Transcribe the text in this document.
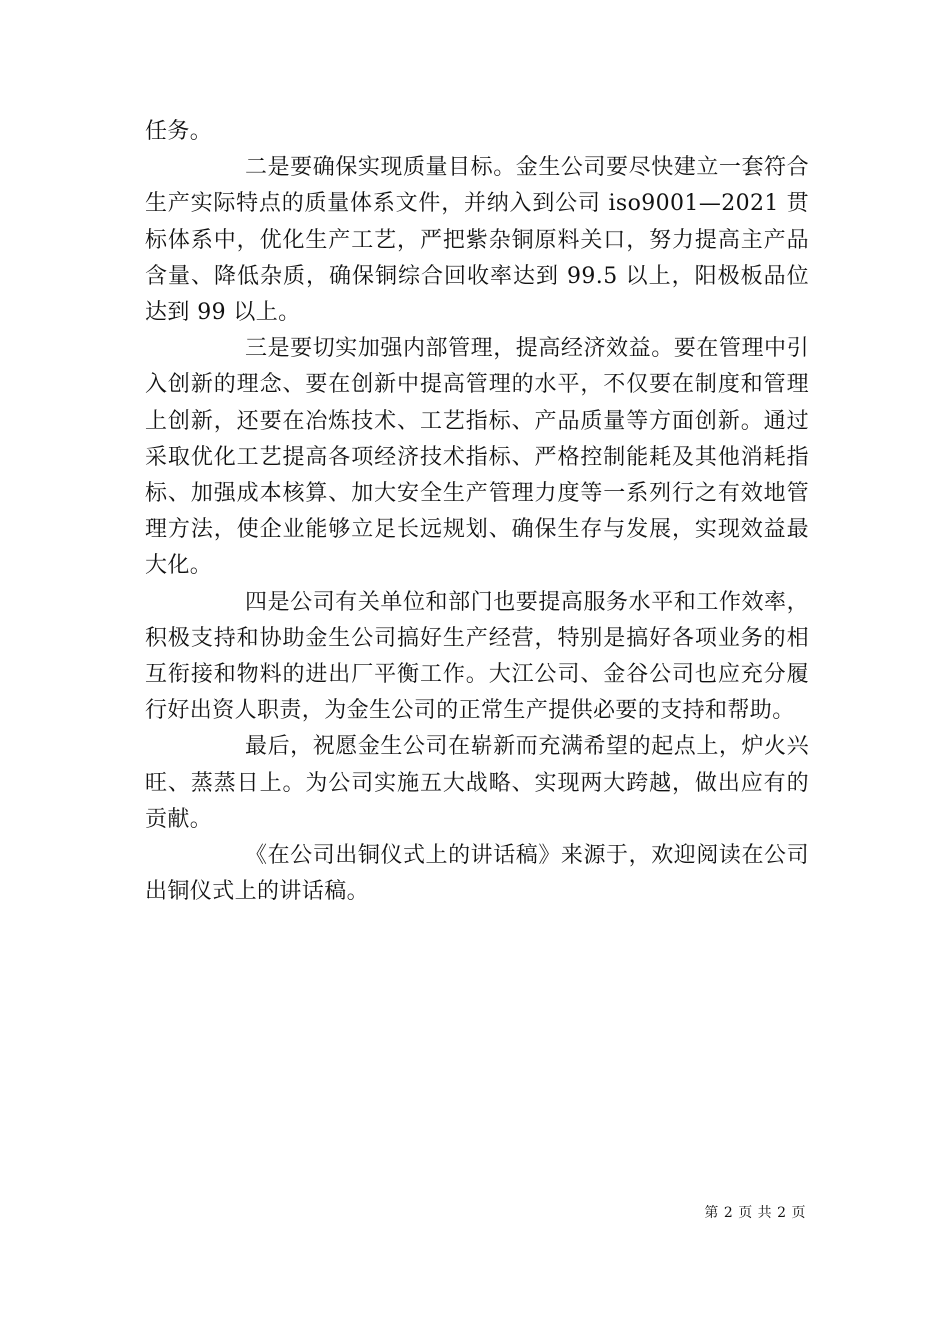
任务。

二是要确保实现质量目标。金生公司要尽快建立一套符合生产实际特点的质量体系文件，并纳入到公司 iso9001—2021 贯标体系中，优化生产工艺，严把紫杂铜原料关口，努力提高主产品含量、降低杂质，确保铜综合回收率达到 99.5 以上，阳极板品位达到 99 以上。

三是要切实加强内部管理，提高经济效益。要在管理中引入创新的理念、要在创新中提高管理的水平，不仅要在制度和管理上创新，还要在冶炼技术、工艺指标、产品质量等方面创新。通过采取优化工艺提高各项经济技术指标、严格控制能耗及其他消耗指标、加强成本核算、加大安全生产管理力度等一系列行之有效地管理方法，使企业能够立足长远规划、确保生存与发展，实现效益最大化。

四是公司有关单位和部门也要提高服务水平和工作效率，积极支持和协助金生公司搞好生产经营，特别是搞好各项业务的相互衔接和物料的进出厂平衡工作。大江公司、金谷公司也应充分履行好出资人职责，为金生公司的正常生产提供必要的支持和帮助。

最后，祝愿金生公司在崭新而充满希望的起点上，炉火兴旺、蒸蒸日上。为公司实施五大战略、实现两大跨越，做出应有的贡献。

《在公司出铜仪式上的讲话稿》来源于，欢迎阅读在公司出铜仪式上的讲话稿。

第 2 页 共 2 页
